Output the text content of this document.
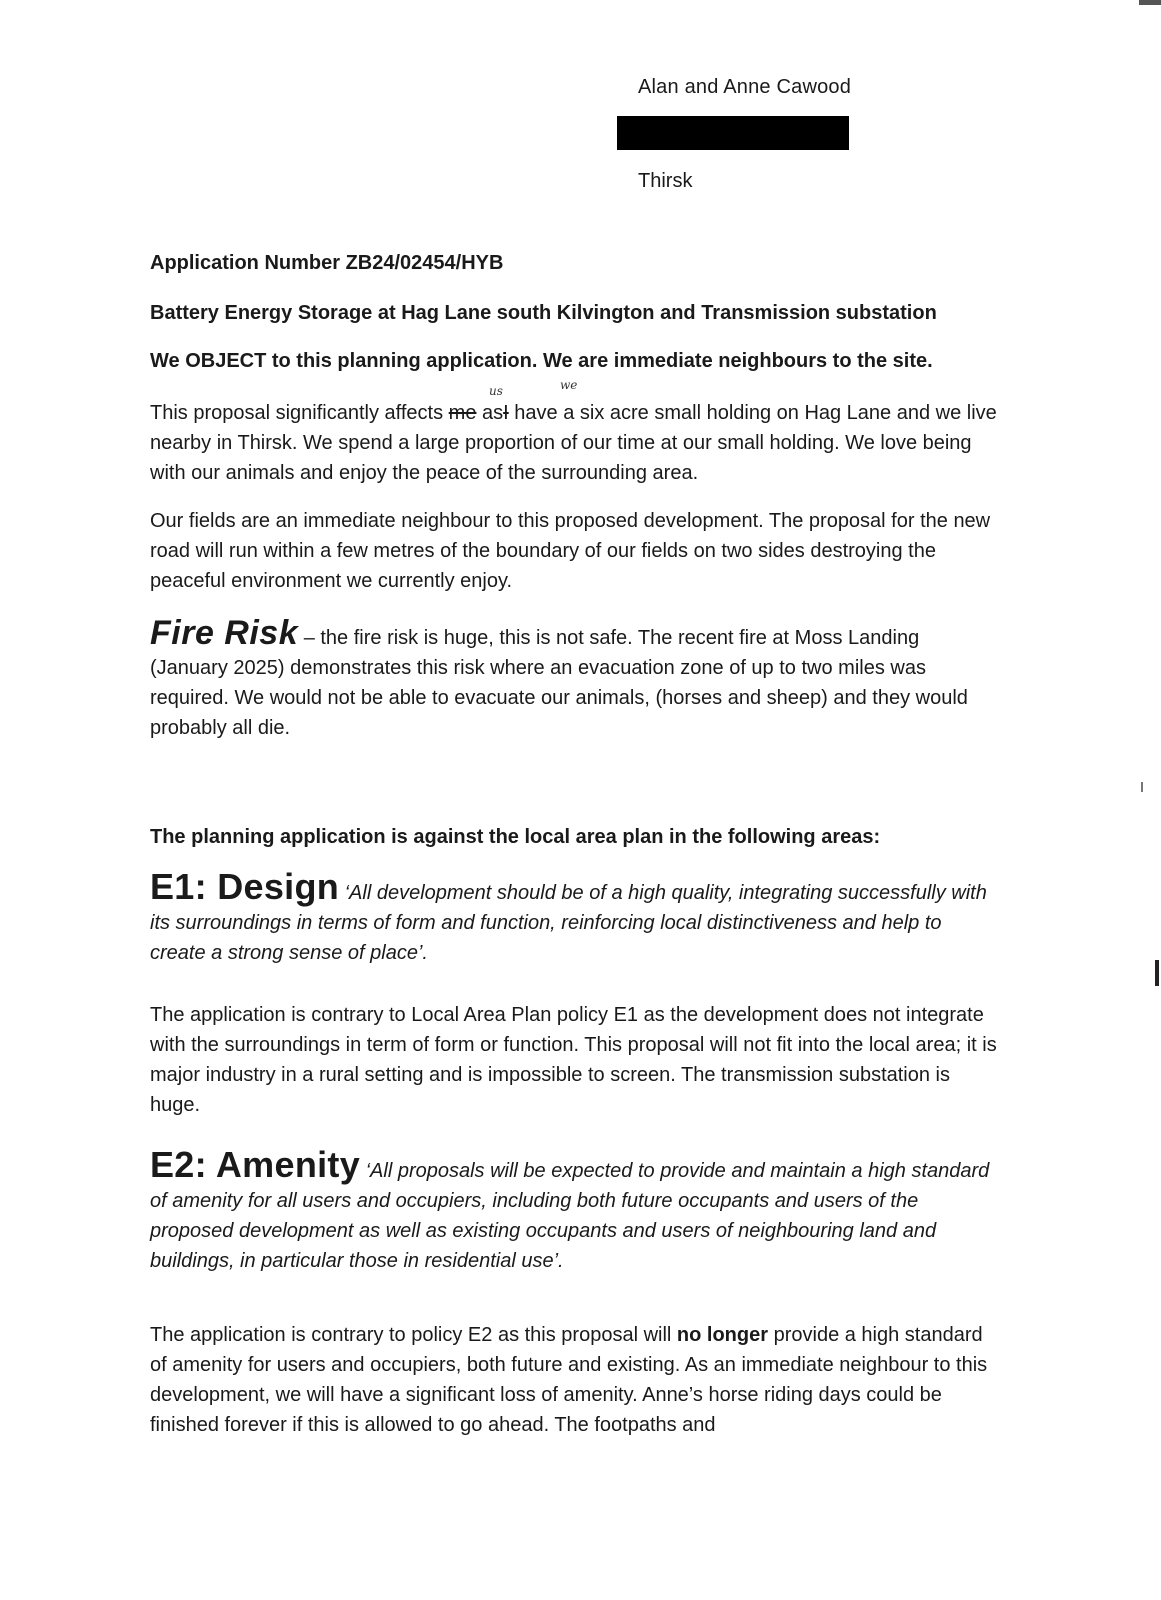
Alan and Anne Cawood
Thirsk

Application Number ZB24/02454/HYB

Battery Energy Storage at Hag Lane south Kilvington and Transmission substation

We OBJECT to this planning application. We are immediate neighbours to the site.

us	we

This proposal significantly affects me asI have a six acre small holding on Hag Lane and we live nearby in Thirsk. We spend a large proportion of our time at our small holding. We love being with our animals and enjoy the peace of the surrounding area.

Our fields are an immediate neighbour to this proposed development. The proposal for the new road will run within a few metres of the boundary of our fields on two sides destroying the peaceful environment we currently enjoy.

Fire Risk – the fire risk is huge, this is not safe. The recent fire at Moss Landing (January 2025) demonstrates this risk where an evacuation zone of up to two miles was required. We would not be able to evacuate our animals, (horses and sheep) and they would probably all die.

The planning application is against the local area plan in the following areas:

E1: Design ‘All development should be of a high quality, integrating successfully with its surroundings in terms of form and function, reinforcing local distinctiveness and help to create a strong sense of place’.

The application is contrary to Local Area Plan policy E1 as the development does not integrate with the surroundings in term of form or function. This proposal will not fit into the local area; it is major industry in a rural setting and is impossible to screen. The transmission substation is huge.

E2: Amenity ‘All proposals will be expected to provide and maintain a high standard of amenity for all users and occupiers, including both future occupants and users of the proposed development as well as existing occupants and users of neighbouring land and buildings, in particular those in residential use’.

The application is contrary to policy E2 as this proposal will no longer provide a high standard of amenity for users and occupiers, both future and existing. As an immediate neighbour to this development, we will have a significant loss of amenity. Anne’s horse riding days could be finished forever if this is allowed to go ahead. The footpaths and
